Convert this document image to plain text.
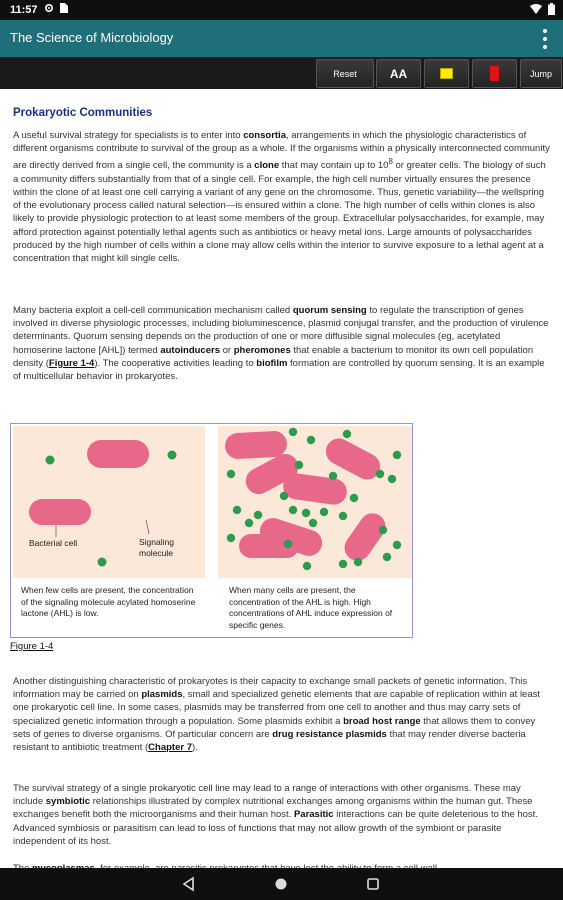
11:57
The Science of Microbiology
Reset	AA	Jump
Prokaryotic Communities
A useful survival strategy for specialists is to enter into consortia, arrangements in which the physiologic characteristics of different organisms contribute to survival of the group as a whole. If the organisms within a physically interconnected community are directly derived from a single cell, the community is a clone that may contain up to $10^8$ or greater cells. The biology of such a community differs substantially from that of a single cell. For example, the high cell number virtually ensures the presence within the clone of at least one cell carrying a variant of any gene on the chromosome. Thus, genetic variability—the wellspring of the evolutionary process called natural selection—is ensured within a clone. The high number of cells within clones is also likely to provide physiologic protection to at least some members of the group. Extracellular polysaccharides, for example, may afford protection against potentially lethal agents such as antibiotics or heavy metal ions. Large amounts of polysaccharides produced by the high number of cells within a clone may allow cells within the interior to survive exposure to a lethal agent at a concentration that might kill single cells.
Many bacteria exploit a cell-cell communication mechanism called quorum sensing to regulate the transcription of genes involved in diverse physiologic processes, including bioluminescence, plasmid conjugal transfer, and the production of virulence determinants. Quorum sensing depends on the production of one or more diffusible signal molecules (eg, acetylated homoserine lactone [AHL]) termed autoinducers or pheromones that enable a bacterium to monitor its own cell population density (Figure 1-4). The cooperative activities leading to biofilm formation are controlled by quorum sensing. It is an example of multicellular behavior in prokaryotes.
Bacterial cell	Signaling
molecule
When few cells are present, the concentration of the signaling molecule acylated homoserine lactone (AHL) is low.
When many cells are present, the concentration of the AHL is high. High concentrations of AHL induce expression of specific genes.
Figure 1-4
Another distinguishing characteristic of prokaryotes is their capacity to exchange small packets of genetic information. This information may be carried on plasmids, small and specialized genetic elements that are capable of replication within at least one prokaryotic cell line. In some cases, plasmids may be transferred from one cell to another and thus may carry sets of specialized genetic information through a population. Some plasmids exhibit a broad host range that allows them to convey sets of genes to diverse organisms. Of particular concern are drug resistance plasmids that may render diverse bacteria resistant to antibiotic treatment (Chapter 7).
The survival strategy of a single prokaryotic cell line may lead to a range of interactions with other organisms. These may include symbiotic relationships illustrated by complex nutritional exchanges among organisms within the human gut. These exchanges benefit both the microorganisms and their human host. Parasitic interactions can be quite deleterious to the host. Advanced symbiosis or parasitism can lead to loss of functions that may not allow growth of the symbiont or parasite independent of its host.
